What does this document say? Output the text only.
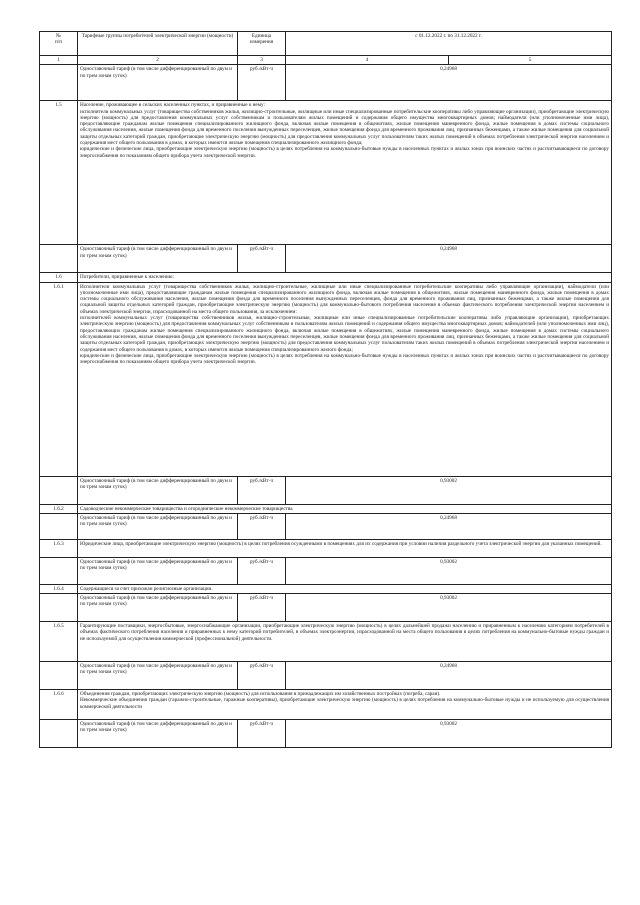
№
п/п	Тарифные группы потребителей электрической энергии (мощности)	Единица измерения	с 01.12.2022 г. по 31.12.2022 г.	
1	2	3	4	5
	Одноставочный тариф (в том числе дифференцированный по двум и по трем зонам суток)	руб./кВт·ч	0,24968	
1.5	Население, проживающее в сельских населенных пунктах, и приравненные к нему:

исполнители коммунальных услуг (товарищества собственников жилья, жилищно-строительные, жилищные или иные специализированные потребительские кооперативы либо управляющие организации), приобретающие электрическую энергию (мощность) для предоставления коммунальных услуг собственникам и пользователям жилых помещений и содержания общего имущества многоквартирных домов; наймодатели (или уполномоченные ими лица), предоставляющие гражданам жилые помещения специализированного жилищного фонда, включая жилые помещения в общежитиях, жилые помещения маневренного фонда, жилые помещения в домах системы социального обслуживания населения, жилые помещения фонда для временного поселения вынужденных переселенцев, жилые помещения фонда для временного проживания лиц, признанных беженцами, а также жилые помещения для социальной защиты отдельных категорий граждан, приобретающие электрическую энергию (мощность) для предоставления коммунальных услуг пользователям таких жилых помещений в объемах потребления электрической энергии населением и содержания мест общего пользования в домах, в которых имеются жилые помещения специализированного жилищного фонда;

юридические и физические лица, приобретающие электрическую энергию (мощность) в целях потребления на коммунально-бытовые нужды в населенных пунктах и жилых зонах при воинских частях и рассчитывающиеся по договору энергоснабжения по показаниям общего прибора учета электрической энергии.			

	Одноставочный тариф (в том числе дифференцированный по двум и по трем зонам суток)	руб./кВт·ч	0,24968	
1.6	Потребители, приравненные к населению:			
1.6.1	Исполнители коммунальных услуг (товарищества собственников жилья, жилищно-строительные, жилищные или иные специализированные потребительские кооперативы либо управляющие организации), наймодатели (или уполномоченные ими лица), предоставляющие гражданам жилые помещения специализированного жилищного фонда, включая жилые помещения в общежитиях, жилые помещения маневренного фонда, жилые помещения в домах системы социального обслуживания населения, жилые помещения фонда для временного поселения вынужденных переселенцев, фонда для временного проживания лиц, признанных беженцами, а также жилые помещения для социальной защиты отдельных категорий граждан, приобретающие электрическую энергию (мощность) для коммунально-бытового потребления населения в объемах фактического потребления электрической энергии населением и объемах электрической энергии, израсходованной на места общего пользования, за исключением:

исполнителей коммунальных услуг (товарищества собственников жилья, жилищно-строительные, жилищные или иные специализированные потребительские кооперативы либо управляющие организации), приобретающих электрическую энергию (мощность) для предоставления коммунальных услуг собственникам и пользователям жилых помещений и содержания общего имущества многоквартирных домов; наймодателей (или уполномоченных ими лиц), предоставляющих гражданам жилые помещения специализированного жилищного фонда, включая жилые помещения в общежитиях, жилые помещения маневренного фонда, жилые помещения в домах системы социального обслуживания населения, жилые помещения фонда для временного поселения вынужденных переселенцев, жилые помещения фонда для временного проживания лиц, признанных беженцами, а также жилые помещения для социальной защиты отдельных категорий граждан, приобретающих электрическую энергию (мощность) для предоставления коммунальных услуг пользователям таких жилых помещений в объемах потребления электрической энергии населением и содержания мест общего пользования в домах, в которых имеются жилые помещения специализированного жилого фонда;

юридические и физические лица, приобретающие электрическую энергию (мощность) в целях потребления на коммунально-бытовые нужды в населенных пунктах и жилых зонах при воинских частях и рассчитывающиеся по договору энергоснабжения по показаниям общего прибора учета электрической энергии.			

	Одноставочный тариф (в том числе дифференцированный по двум и по трем зонам суток)	руб./кВт·ч	0,93002	
1.6.2	Садоводческие некоммерческие товарищества и огороднические некоммерческие товарищества			
	Одноставочный тариф (в том числе дифференцированный по двум и по трем зонам суток)	руб./кВт·ч	0,24968	
1.6.3	Юридические лица, приобретающие электрическую энергию (мощность) в целях потребления осужденными в помещениях для их содержания при условии наличия раздельного учета электрической энергии для указанных помещений.			
	Одноставочный тариф (в том числе дифференцированный по двум и по трем зонам суток)	руб./кВт·ч	0,93002	
1.6.4	Содержащиеся за счет прихожан религиозные организации.			
	Одноставочный тариф (в том числе дифференцированный по двум и по трем зонам суток)	руб./кВт·ч	0,93002	
1.6.5	Гарантирующие поставщики, энергосбытовые, энергоснабжающие организации, приобретающие электрическую энергию (мощность) в целях дальнейшей продажи населению и приравненным к населению категориям потребителей в объемах фактического потребления населения и приравненных к нему категорий потребителей, в объемах электроэнергии, израсходованной на места общего пользования в целях потребления на коммунально-бытовые нужды граждан и не используемой для осуществления коммерческой (профессиональной) деятельности.			
	Одноставочный тариф (в том числе дифференцированный по двум и по трем зонам суток)	руб./кВт·ч	0,24968	
1.6.6	Объединения граждан, приобретающих электрическую энергию (мощность) для использования в принадлежащих им хозяйственных постройках (погреба, сараи).

Некоммерческие объединения граждан (гаражно-строительные, гаражные кооперативы), приобретающие электрическую энергию (мощность) в целях потребления на коммунально-бытовые нужды и не используемую для осуществления коммерческой деятельности			

	Одноставочный тариф (в том числе дифференцированный по двум и по трем зонам суток)	руб./кВт·ч	0,93002	
